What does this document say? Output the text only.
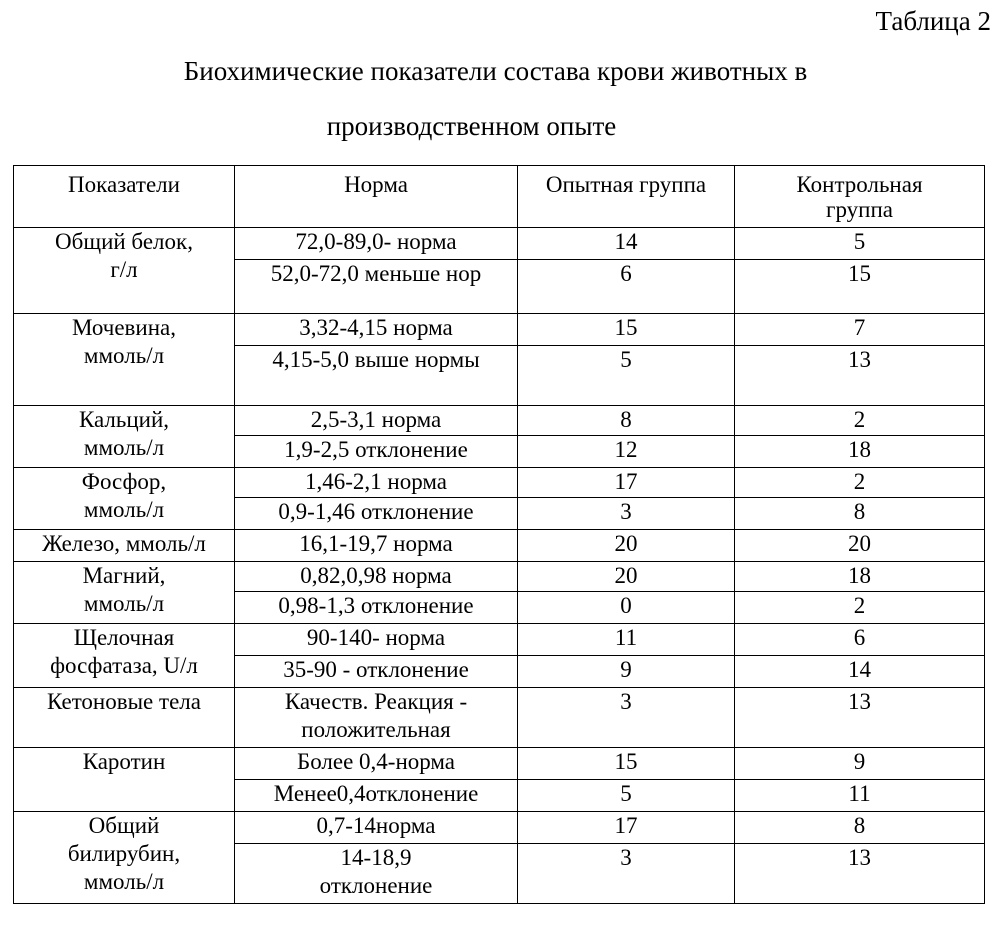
Таблица 2
Биохимические показатели состава крови животных в
производственном опыте
Показатели	Норма	Опытная группа	Контрольная
группа

Общий белок,
г/л	72,0-89,0- норма	14	5

	52,0-72,0 меньше нор	6	15

Мочевина,
ммоль/л	3,32-4,15 норма	15	7

	4,15-5,0 выше нормы	5	13

Кальций,
ммоль/л	2,5-3,1 норма	8	2

	1,9-2,5 отклонение	12	18

Фосфор,
ммоль/л	1,46-2,1 норма	17	2

	0,9-1,46 отклонение	3	8

Железо, ммоль/л	16,1-19,7 норма	20	20

Магний,
ммоль/л	0,82,0,98 норма	20	18

	0,98-1,3 отклонение	0	2

Щелочная
фосфатаза, U/л	90-140- норма	11	6

	35-90 - отклонение	9	14

Кетоновые тела	Качеств. Реакция -
положительная	3	13

Каротин	Более 0,4-норма	15	9

	Менее0,4отклонение	5	11

Общий
билирубин,
ммоль/л	0,7-14норма	17	8

	14-18,9
отклонение	3	13
